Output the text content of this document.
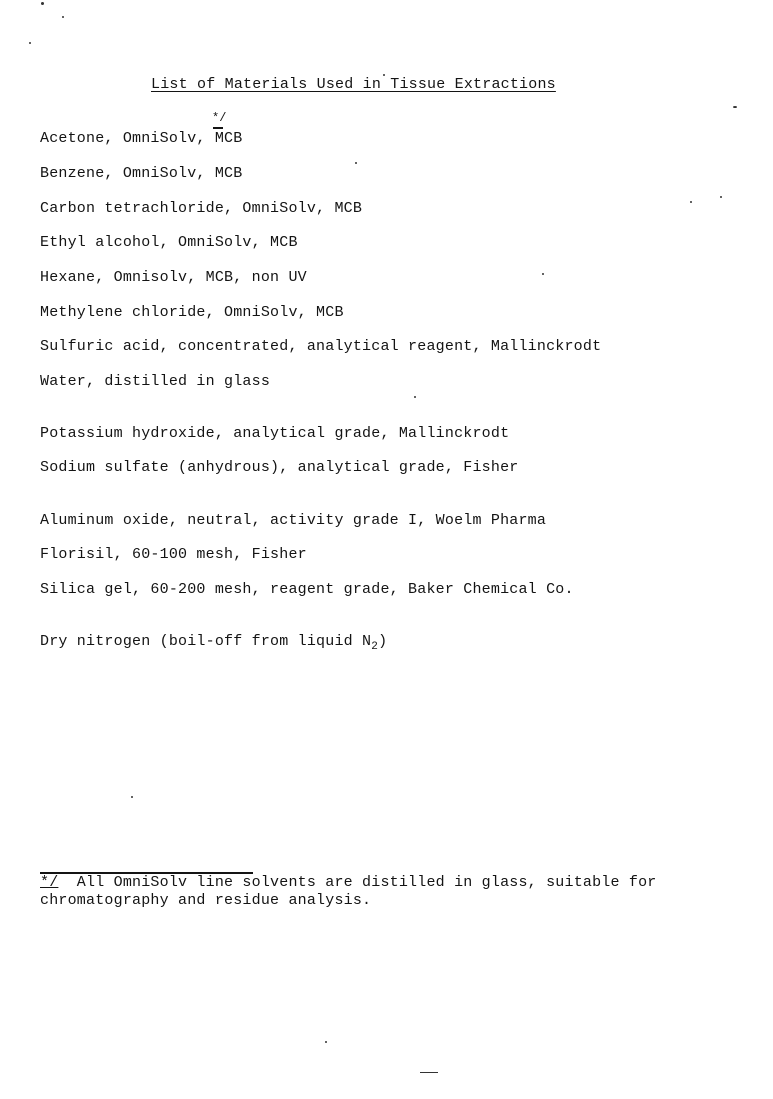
List of Materials Used in Tissue Extractions
*/
Acetone, OmniSolv, MCB
Benzene, OmniSolv, MCB
Carbon tetrachloride, OmniSolv, MCB
Ethyl alcohol, OmniSolv, MCB
Hexane, Omnisolv, MCB, non UV
Methylene chloride, OmniSolv, MCB
Sulfuric acid, concentrated, analytical reagent, Mallinckrodt
Water, distilled in glass
Potassium hydroxide, analytical grade, Mallinckrodt
Sodium sulfate (anhydrous), analytical grade, Fisher
Aluminum oxide, neutral, activity grade I, Woelm Pharma
Florisil, 60-100 mesh, Fisher
Silica gel, 60-200 mesh, reagent grade, Baker Chemical Co.
Dry nitrogen (boil-off from liquid $N_2$)
*/  All OmniSolv line solvents are distilled in glass, suitable for chromatography and residue analysis.
